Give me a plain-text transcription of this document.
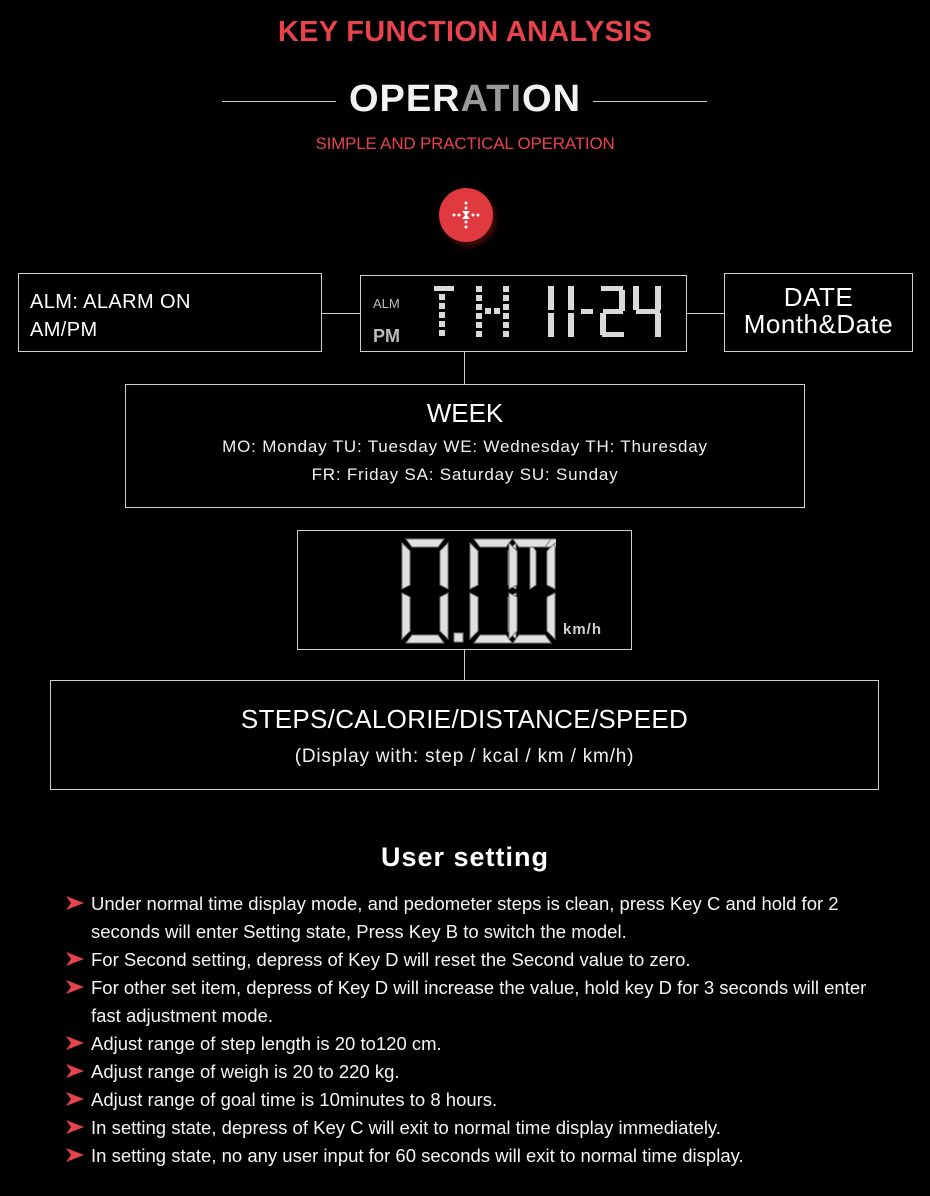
KEY FUNCTION ANALYSIS
OPERATION
SIMPLE AND PRACTICAL OPERATION
ALM: ALARM ON
AM/PM
ALM
PM
DATE
Month&Date
WEEK
MO: Monday TU: Tuesday WE: Wednesday TH: Thuresday
FR: Friday SA: Saturday SU: Sunday
km/h
STEPS/CALORIE/DISTANCE/SPEED
(Display with: step / kcal / km / km/h)
User setting
Under normal time display mode, and pedometer steps is clean, press Key C and hold for 2 seconds will enter Setting state, Press Key B to switch the model.
For Second setting, depress of Key D will reset the Second value to zero.
For other set item, depress of Key D will increase the value, hold key D for 3 seconds will enter fast adjustment mode.
Adjust range of step length is 20 to120 cm.
Adjust range of weigh is 20 to 220 kg.
Adjust range of goal time is 10minutes to 8 hours.
In setting state, depress of Key C will exit to normal time display immediately.
In setting state, no any user input for 60 seconds will exit to normal time display.
